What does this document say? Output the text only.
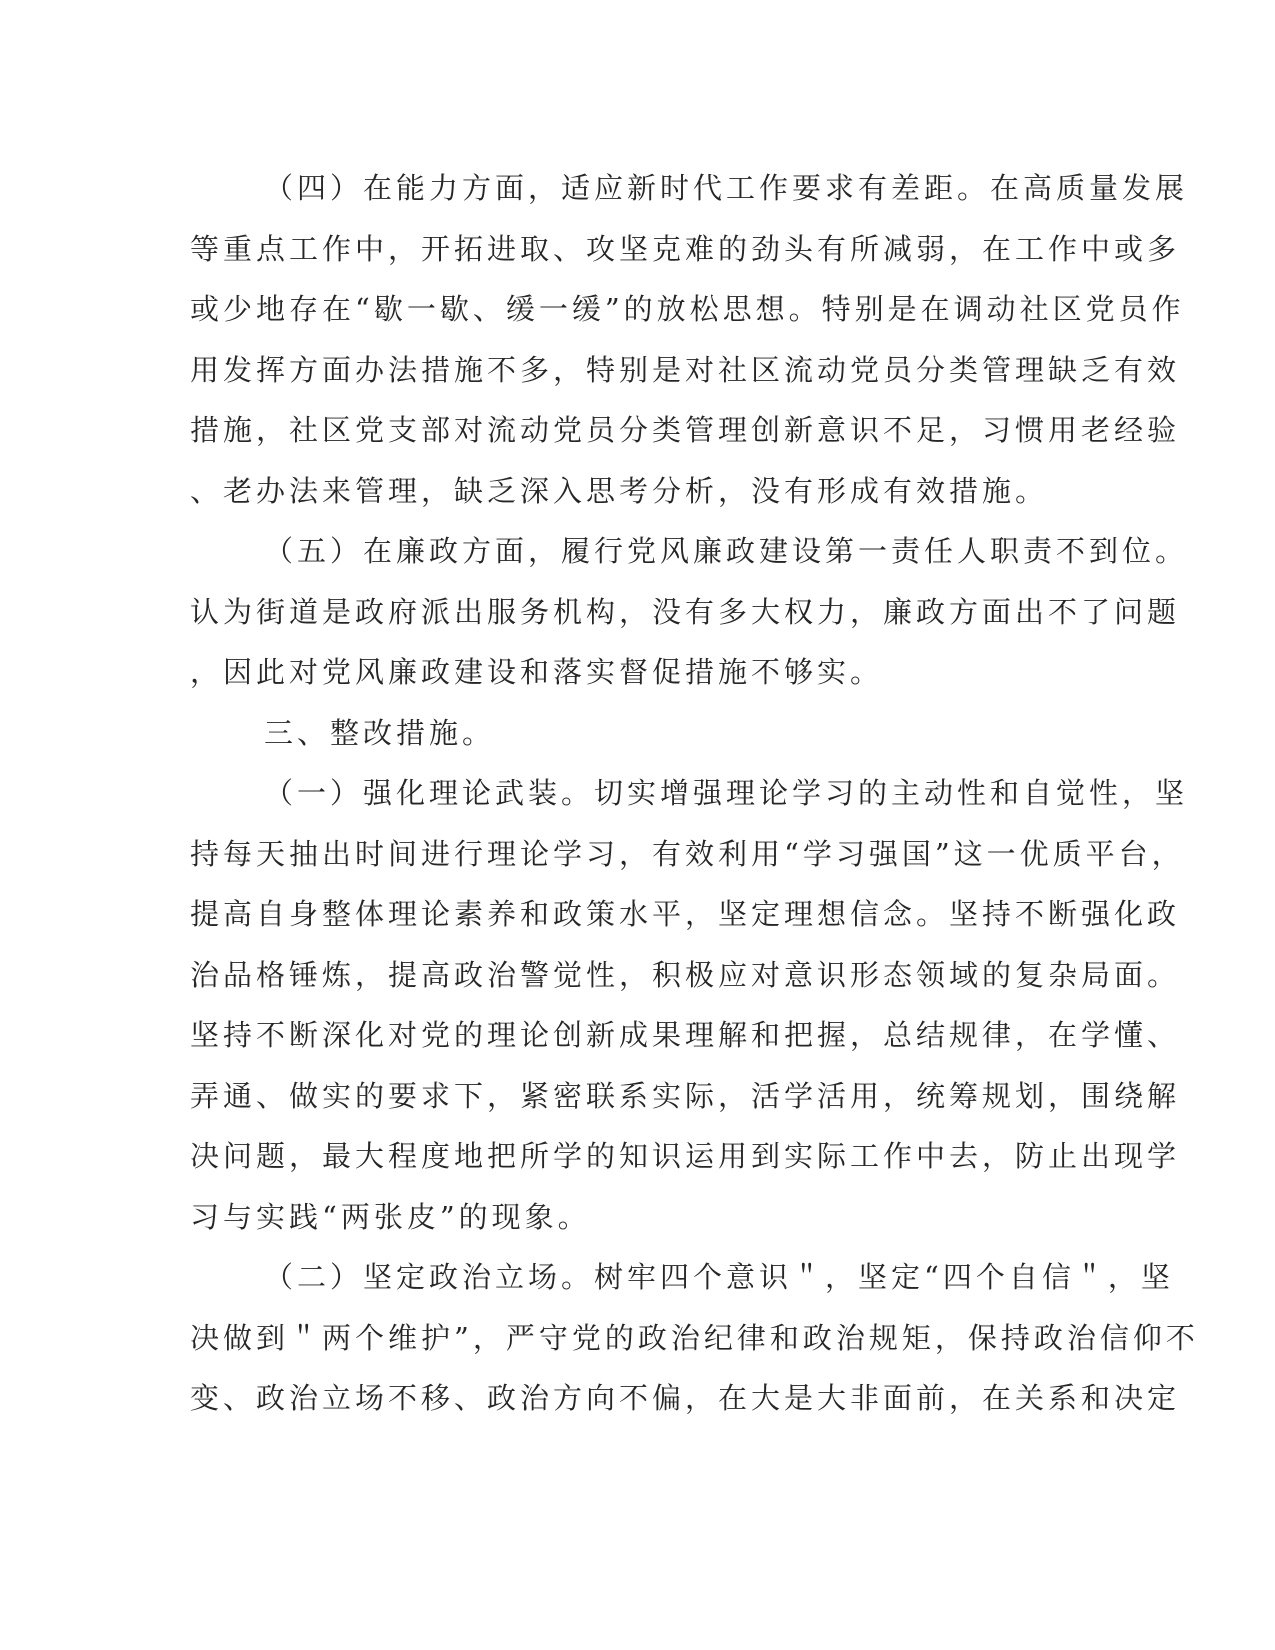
（四）在能力方面，适应新时代工作要求有差距。在高质量发展
等重点工作中，开拓进取、攻坚克难的劲头有所减弱，在工作中或多
或少地存在“歇一歇、缓一缓”的放松思想。特别是在调动社区党员作
用发挥方面办法措施不多，特别是对社区流动党员分类管理缺乏有效
措施，社区党支部对流动党员分类管理创新意识不足，习惯用老经验
、老办法来管理，缺乏深入思考分析，没有形成有效措施。
（五）在廉政方面，履行党风廉政建设第一责任人职责不到位。
认为街道是政府派出服务机构，没有多大权力，廉政方面出不了问题
，因此对党风廉政建设和落实督促措施不够实。
三、整改措施。
（一）强化理论武装。切实增强理论学习的主动性和自觉性，坚
持每天抽出时间进行理论学习，有效利用“学习强国”这一优质平台，
提高自身整体理论素养和政策水平，坚定理想信念。坚持不断强化政
治品格锤炼，提高政治警觉性，积极应对意识形态领域的复杂局面。
坚持不断深化对党的理论创新成果理解和把握，总结规律，在学懂、
弄通、做实的要求下，紧密联系实际，活学活用，统筹规划，围绕解
决问题，最大程度地把所学的知识运用到实际工作中去，防止出现学
习与实践“两张皮”的现象。
（二）坚定政治立场。树牢四个意识＂，坚定“四个自信＂，坚
决做到＂两个维护”，严守党的政治纪律和政治规矩，保持政治信仰不
变、政治立场不移、政治方向不偏，在大是大非面前，在关系和决定
